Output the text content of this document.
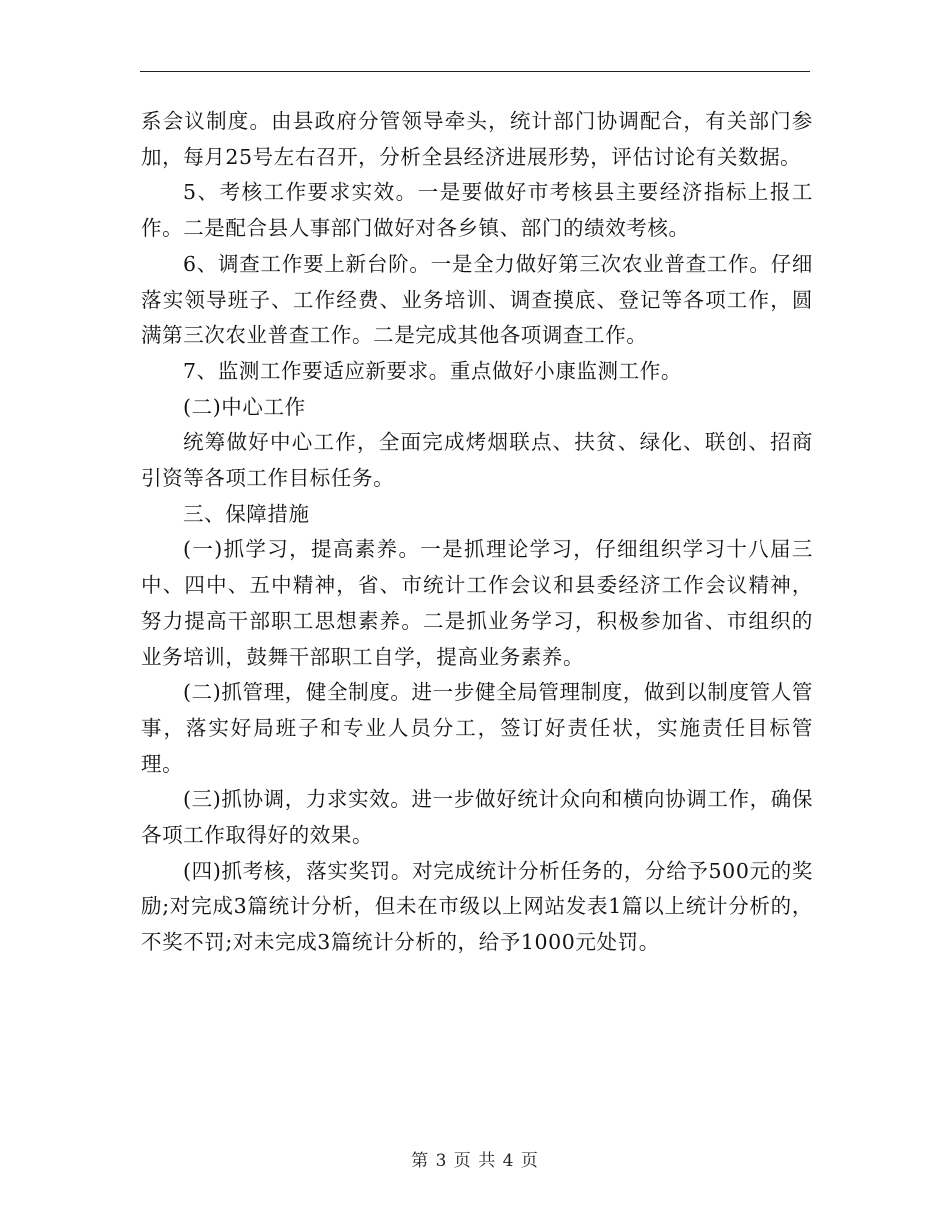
系会议制度。由县政府分管领导牵头，统计部门协调配合，有关部门参加，每月25号左右召开，分析全县经济进展形势，评估讨论有关数据。

5、考核工作要求实效。一是要做好市考核县主要经济指标上报工作。二是配合县人事部门做好对各乡镇、部门的绩效考核。

6、调查工作要上新台阶。一是全力做好第三次农业普查工作。仔细落实领导班子、工作经费、业务培训、调查摸底、登记等各项工作，圆满第三次农业普查工作。二是完成其他各项调查工作。

7、监测工作要适应新要求。重点做好小康监测工作。

(二)中心工作

统筹做好中心工作，全面完成烤烟联点、扶贫、绿化、联创、招商引资等各项工作目标任务。

三、保障措施

(一)抓学习，提高素养。一是抓理论学习，仔细组织学习十八届三中、四中、五中精神，省、市统计工作会议和县委经济工作会议精神，努力提高干部职工思想素养。二是抓业务学习，积极参加省、市组织的业务培训，鼓舞干部职工自学，提高业务素养。

(二)抓管理，健全制度。进一步健全局管理制度，做到以制度管人管事，落实好局班子和专业人员分工，签订好责任状，实施责任目标管理。

(三)抓协调，力求实效。进一步做好统计众向和横向协调工作，确保各项工作取得好的效果。

(四)抓考核，落实奖罚。对完成统计分析任务的，分给予500元的奖励;对完成3篇统计分析，但未在市级以上网站发表1篇以上统计分析的，不奖不罚;对未完成3篇统计分析的，给予1000元处罚。

第 3 页 共 4 页
